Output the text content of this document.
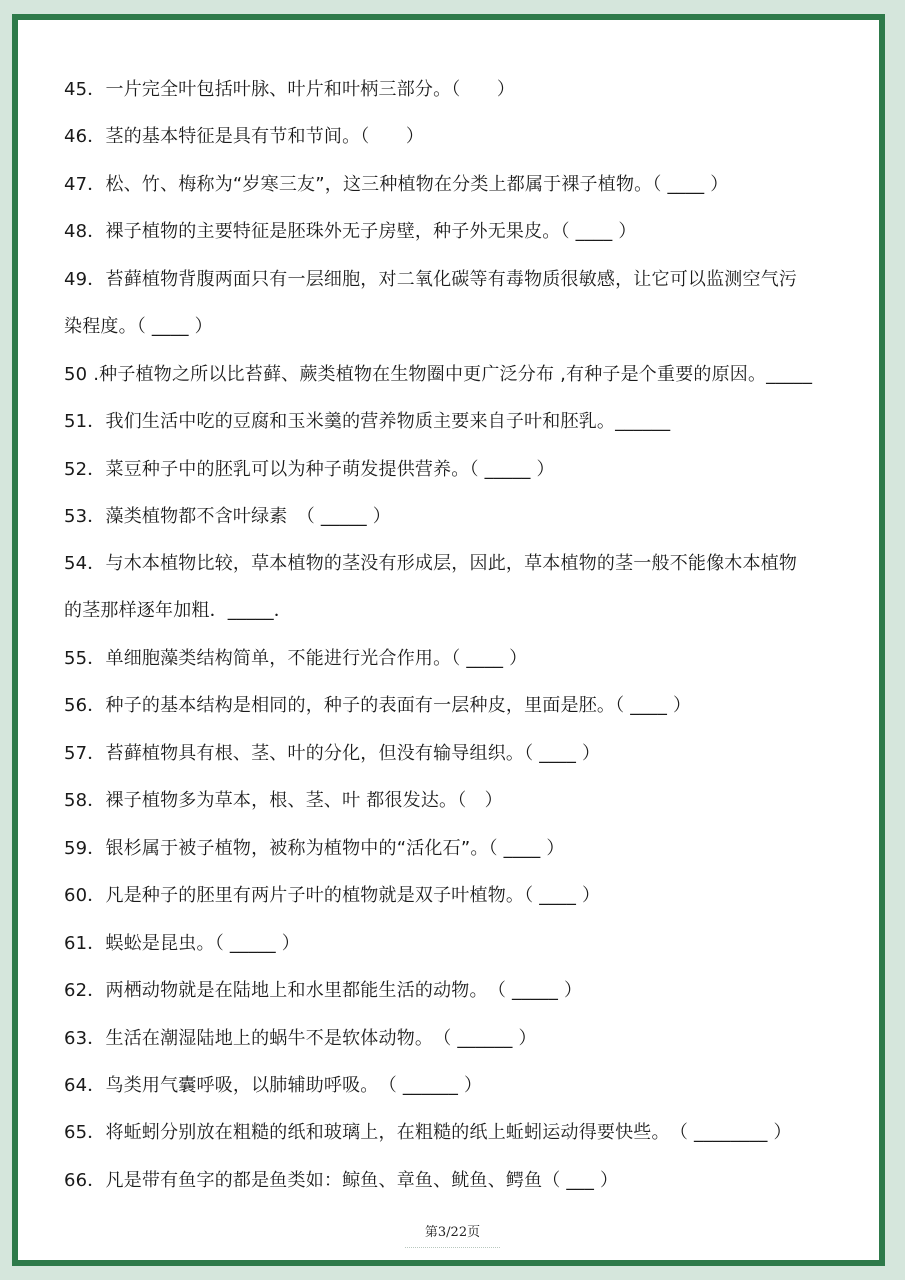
45．一片完全叶包括叶脉、叶片和叶柄三部分。（　　）
46．茎的基本特征是具有节和节间。（　　）
47．松、竹、梅称为“岁寒三友”，这三种植物在分类上都属于裸子植物。（ ____ ）
48．裸子植物的主要特征是胚珠外无子房壁，种子外无果皮。（ ____ ）
49．苔藓植物背腹两面只有一层细胞，对二氧化碳等有毒物质很敏感，让它可以监测空气污
染程度。（ ____ ）
50 .种子植物之所以比苔藓、蕨类植物在生物圈中更广泛分布 ,有种子是个重要的原因。_____
51．我们生活中吃的豆腐和玉米羹的营养物质主要来自子叶和胚乳。______
52．菜豆种子中的胚乳可以为种子萌发提供营养。（ _____ ）
53．藻类植物都不含叶绿素　（ _____ ）
54．与木本植物比较，草本植物的茎没有形成层，因此，草本植物的茎一般不能像木本植物
的茎那样逐年加粗．_____．
55．单细胞藻类结构简单，不能进行光合作用。（ ____ ）
56．种子的基本结构是相同的，种子的表面有一层种皮，里面是胚。（ ____ ）
57．苔藓植物具有根、茎、叶的分化，但没有输导组织。（ ____ ）
58．裸子植物多为草本，根、茎、叶 都很发达。（　）
59．银杉属于被子植物，被称为植物中的“活化石”。（ ____ ）
60．凡是种子的胚里有两片子叶的植物就是双子叶植物。（ ____ ）
61．蜈蚣是昆虫。（ _____ ）
62．两栖动物就是在陆地上和水里都能生活的动物。　（ _____ ）
63．生活在潮湿陆地上的蜗牛不是软体动物。　（ ______ ）
64．鸟类用气囊呼吸，以肺辅助呼吸。　（ ______ ）
65．将蚯蚓分别放在粗糙的纸和玻璃上，在粗糙的纸上蚯蚓运动得要快些。　（ ________ ）
66．凡是带有鱼字的都是鱼类如：鲸鱼、章鱼、鱿鱼、鳄鱼（ ___ ）
第3/22页
